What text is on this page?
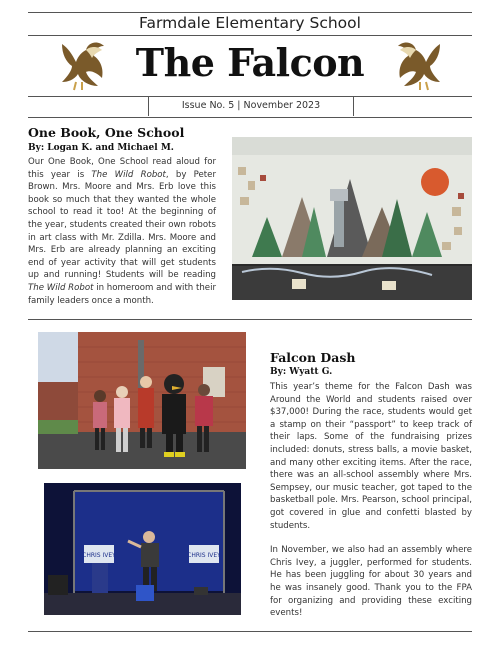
Farmdale Elementary School
The Falcon
Issue No. 5 | November 2023
One Book, One School
By: Logan K. and Michael M.
Our One Book, One School read aloud for this year is The Wild Robot, by Peter Brown. Mrs. Moore and Mrs. Erb love this book so much that they wanted the whole school to read it too! At the beginning of the year, students created their own robots in art class with Mr. Zdilla. Mrs. Moore and Mrs. Erb are already planning an exciting end of year activity that will get students up and running! Students will be reading The Wild Robot in homeroom and with their family leaders once a month.
CHRIS IVEY	CHRIS IVEY
Falcon Dash
By: Wyatt G.
This year’s theme for the Falcon Dash was Around the World and students raised over $37,000! During the race, students would get a stamp on their “passport” to keep track of their laps. Some of the fundraising prizes included: donuts, stress balls, a movie basket, and many other exciting items. After the race, there was an all-school assembly where Mrs. Sempsey, our music teacher, got taped to the basketball pole. Mrs. Pearson, school principal, got covered in glue and confetti blasted by students.
In November, we also had an assembly where Chris Ivey, a juggler, performed for students. He has been juggling for about 30 years and he was insanely good. Thank you to the FPA for organizing and providing these exciting events!
